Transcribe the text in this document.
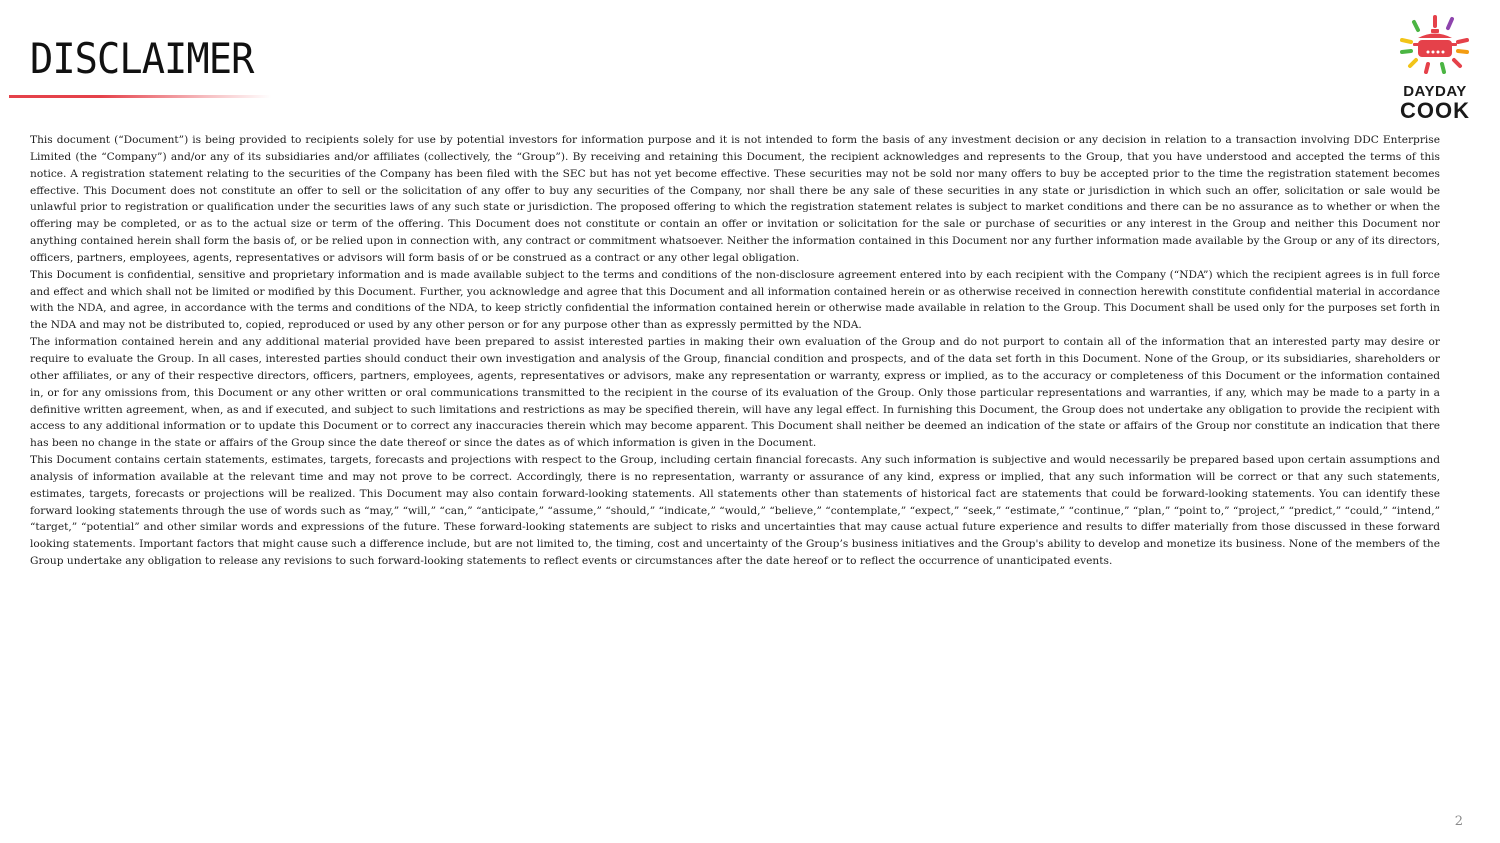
DISCLAIMER
DAYDAY
COOK

This document (“Document”) is being provided to recipients solely for use by potential investors for information purpose and it is not intended to form the basis of any investment decision or any decision in relation to a transaction involving DDC Enterprise Limited (the “Company”) and/or any of its subsidiaries and/or affiliates (collectively, the “Group”). By receiving and retaining this Document, the recipient acknowledges and represents to the Group, that you have understood and accepted the terms of this notice. A registration statement relating to the securities of the Company has been filed with the SEC but has not yet become effective. These securities may not be sold nor many offers to buy be accepted prior to the time the registration statement becomes effective. This Document does not constitute an offer to sell or the solicitation of any offer to buy any securities of the Company, nor shall there be any sale of these securities in any state or jurisdiction in which such an offer, solicitation or sale would be unlawful prior to registration or qualification under the securities laws of any such state or jurisdiction. The proposed offering to which the registration statement relates is subject to market conditions and there can be no assurance as to whether or when the offering may be completed, or as to the actual size or term of the offering. This Document does not constitute or contain an offer or invitation or solicitation for the sale or purchase of securities or any interest in the Group and neither this Document nor anything contained herein shall form the basis of, or be relied upon in connection with, any contract or commitment whatsoever. Neither the information contained in this Document nor any further information made available by the Group or any of its directors, officers, partners, employees, agents, representatives or advisors will form basis of or be construed as a contract or any other legal obligation.

This Document is confidential, sensitive and proprietary information and is made available subject to the terms and conditions of the non-disclosure agreement entered into by each recipient with the Company (“NDA”) which the recipient agrees is in full force and effect and which shall not be limited or modified by this Document. Further, you acknowledge and agree that this Document and all information contained herein or as otherwise received in connection herewith constitute confidential material in accordance with the NDA, and agree, in accordance with the terms and conditions of the NDA, to keep strictly confidential the information contained herein or otherwise made available in relation to the Group. This Document shall be used only for the purposes set forth in the NDA and may not be distributed to, copied, reproduced or used by any other person or for any purpose other than as expressly permitted by the NDA.

The information contained herein and any additional material provided have been prepared to assist interested parties in making their own evaluation of the Group and do not purport to contain all of the information that an interested party may desire or require to evaluate the Group. In all cases, interested parties should conduct their own investigation and analysis of the Group, financial condition and prospects, and of the data set forth in this Document. None of the Group, or its subsidiaries, shareholders or other affiliates, or any of their respective directors, officers, partners, employees, agents, representatives or advisors, make any representation or warranty, express or implied, as to the accuracy or completeness of this Document or the information contained in, or for any omissions from, this Document or any other written or oral communications transmitted to the recipient in the course of its evaluation of the Group. Only those particular representations and warranties, if any, which may be made to a party in a definitive written agreement, when, as and if executed, and subject to such limitations and restrictions as may be specified therein, will have any legal effect. In furnishing this Document, the Group does not undertake any obligation to provide the recipient with access to any additional information or to update this Document or to correct any inaccuracies therein which may become apparent. This Document shall neither be deemed an indication of the state or affairs of the Group nor constitute an indication that there has been no change in the state or affairs of the Group since the date thereof or since the dates as of which information is given in the Document.

This Document contains certain statements, estimates, targets, forecasts and projections with respect to the Group, including certain financial forecasts. Any such information is subjective and would necessarily be prepared based upon certain assumptions and analysis of information available at the relevant time and may not prove to be correct. Accordingly, there is no representation, warranty or assurance of any kind, express or implied, that any such information will be correct or that any such statements, estimates, targets, forecasts or projections will be realized. This Document may also contain forward-looking statements. All statements other than statements of historical fact are statements that could be forward-looking statements. You can identify these forward looking statements through the use of words such as “may,” “will,” “can,” “anticipate,” “assume,” “should,” “indicate,” “would,” “believe,” “contemplate,” “expect,” “seek,” “estimate,” “continue,” “plan,” “point to,” “project,” “predict,” “could,” “intend,” “target,” “potential” and other similar words and expressions of the future. These forward-looking statements are subject to risks and uncertainties that may cause actual future experience and results to differ materially from those discussed in these forward looking statements. Important factors that might cause such a difference include, but are not limited to, the timing, cost and uncertainty of the Group’s business initiatives and the Group's ability to develop and monetize its business. None of the members of the Group undertake any obligation to release any revisions to such forward-looking statements to reflect events or circumstances after the date hereof or to reflect the occurrence of unanticipated events.

2
